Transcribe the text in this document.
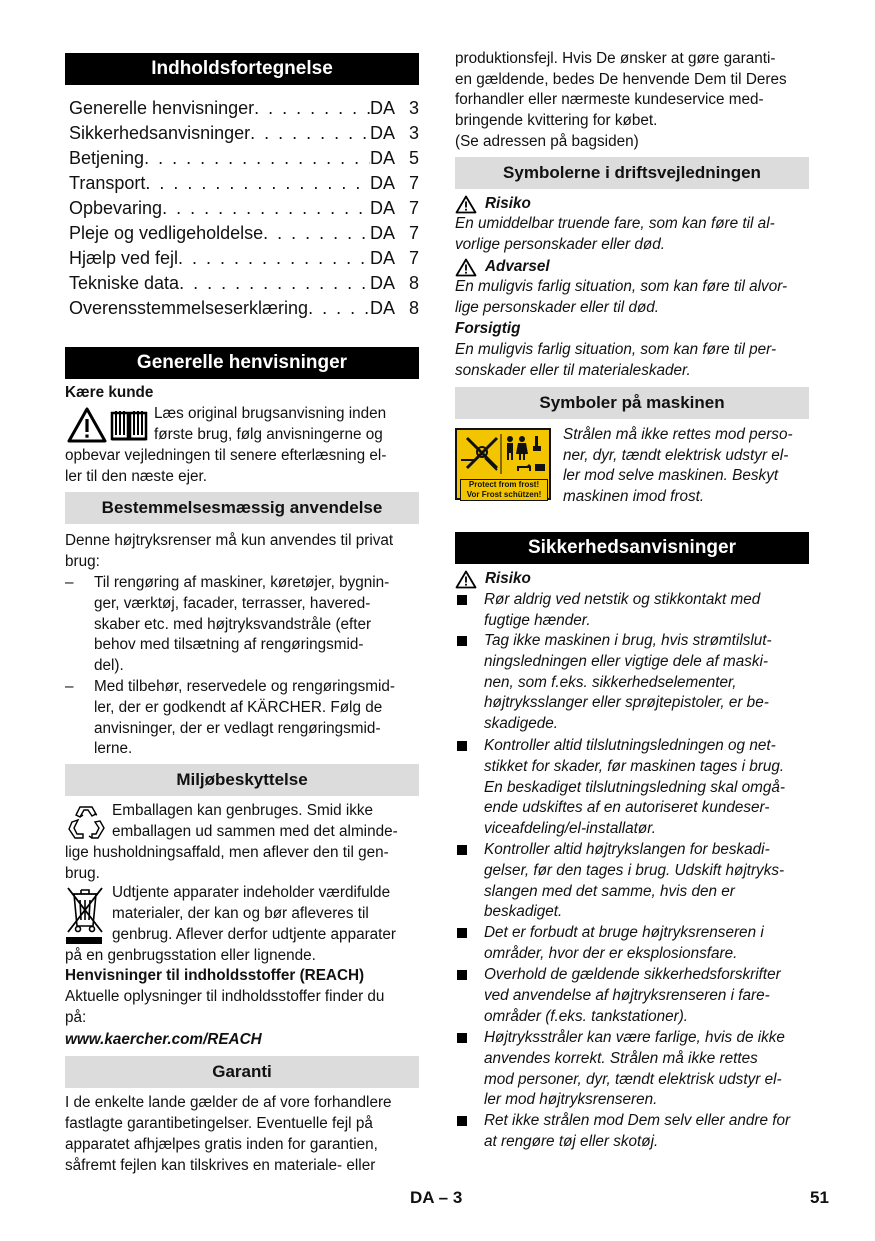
Indholdsfortegnelse
Generelle henvisninger . . .	DA 3
Sikkerhedsanvisninger . . .	DA 3
Betjening . . .	DA 5
Transport . . .	DA 7
Opbevaring . . .	DA 7
Pleje og vedligeholdelse . . .	DA 7
Hjælp ved fejl . . .	DA 7
Tekniske data . . .	DA 8
Overensstemmelseserklæring . . .	DA 8
Generelle henvisninger
Kære kunde
Læs original brugsanvisning inden
første brug, følg anvisningerne og
opbevar vejledningen til senere efterlæsning el-
ler til den næste ejer.
Bestemmelsesmæssig anvendelse
Denne højtryksrenser må kun anvendes til privat
brug:
– Til rengøring af maskiner, køretøjer, bygnin-
ger, værktøj, facader, terrasser, havered-
skaber etc. med højtryksvandstråle (efter
behov med tilsætning af rengøringsmid-
del).
– Med tilbehør, reservedele og rengøringsmid-
ler, der er godkendt af KÄRCHER. Følg de
anvisninger, der er vedlagt rengøringsmid-
lerne.
Miljøbeskyttelse
Emballagen kan genbruges. Smid ikke
emballagen ud sammen med det alminde-
lige husholdningsaffald, men aflever den til gen-
brug.
Udtjente apparater indeholder værdifulde
materialer, der kan og bør afleveres til
genbrug. Aflever derfor udtjente apparater
på en genbrugsstation eller lignende.
Henvisninger til indholdsstoffer (REACH)
Aktuelle oplysninger til indholdsstoffer finder du
på:
www.kaercher.com/REACH
Garanti
I de enkelte lande gælder de af vore forhandlere
fastlagte garantibetingelser. Eventuelle fejl på
apparatet afhjælpes gratis inden for garantien,
såfremt fejlen kan tilskrives en materiale- eller
produktionsfejl. Hvis De ønsker at gøre garanti-
en gældende, bedes De henvende Dem til Deres
forhandler eller nærmeste kundeservice med-
bringende kvittering for købet.
(Se adressen på bagsiden)
Symbolerne i driftsvejledningen
Risiko
En umiddelbar truende fare, som kan føre til al-
vorlige personskader eller død.
Advarsel
En muligvis farlig situation, som kan føre til alvor-
lige personskader eller til død.
Forsigtig
En muligvis farlig situation, som kan føre til per-
sonskader eller til materialeskader.
Symboler på maskinen
Protect from frost!
Vor Frost schützen!
Strålen må ikke rettes mod perso-
ner, dyr, tændt elektrisk udstyr el-
ler mod selve maskinen. Beskyt
maskinen imod frost.
Sikkerhedsanvisninger
Risiko
Rør aldrig ved netstik og stikkontakt med
fugtige hænder.
Tag ikke maskinen i brug, hvis strømtilslut-
ningsledningen eller vigtige dele af maski-
nen, som f.eks. sikkerhedselementer,
højtryksslanger eller sprøjtepistoler, er be-
skadigede.
Kontroller altid tilslutningsledningen og net-
stikket for skader, før maskinen tages i brug.
En beskadiget tilslutningsledning skal omgå-
ende udskiftes af en autoriseret kundeser-
viceafdeling/el-installatør.
Kontroller altid højtrykslangen for beskadi-
gelser, før den tages i brug. Udskift højtryks-
slangen med det samme, hvis den er
beskadiget.
Det er forbudt at bruge højtryksrenseren i
områder, hvor der er eksplosionsfare.
Overhold de gældende sikkerhedsforskrifter
ved anvendelse af højtryksrenseren i fare-
områder (f.eks. tankstationer).
Højtryksstråler kan være farlige, hvis de ikke
anvendes korrekt. Strålen må ikke rettes
mod personer, dyr, tændt elektrisk udstyr el-
ler mod højtryksrenseren.
Ret ikke strålen mod Dem selv eller andre for
at rengøre tøj eller skotøj.
DA – 3	51
